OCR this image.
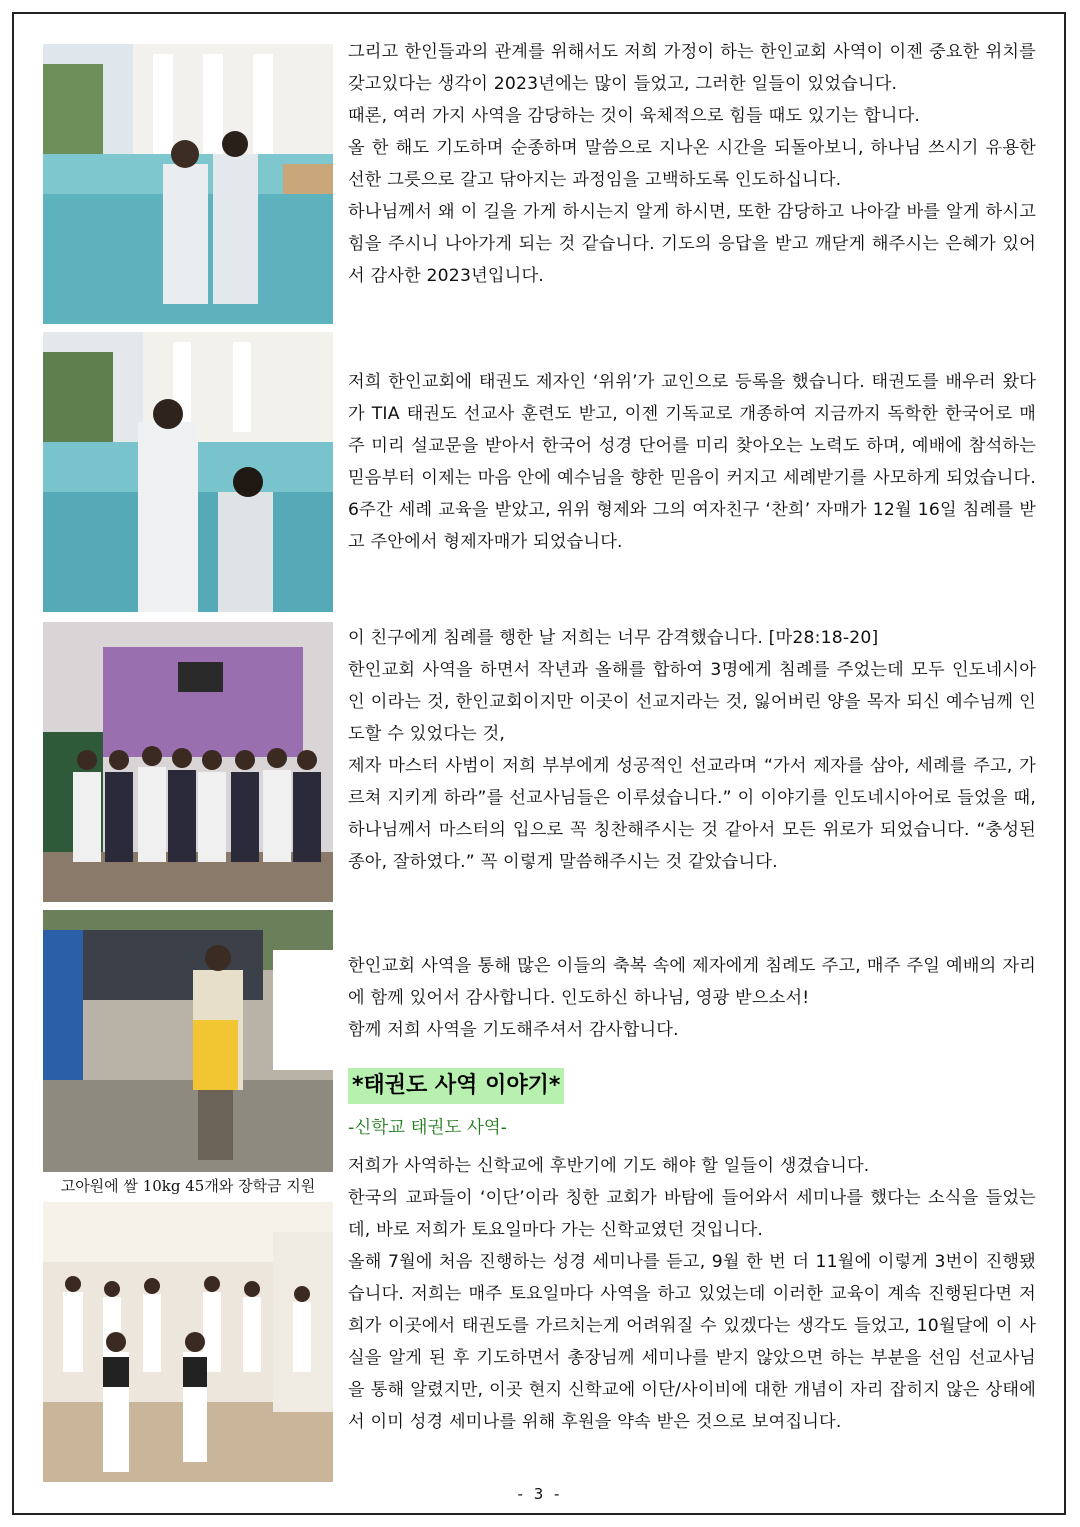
고아원에 쌀 10kg 45개와 장학금 지원

그리고 한인들과의 관계를 위해서도 저희 가정이 하는 한인교회 사역이 이젠 중요한 위치를 갖고있다는 생각이 2023년에는 많이 들었고, 그러한 일들이 있었습니다.

때론, 여러 가지 사역을 감당하는 것이 육체적으로 힘들 때도 있기는 합니다.

올 한 해도 기도하며 순종하며 말씀으로 지나온 시간을 되돌아보니, 하나님 쓰시기 유용한 선한 그릇으로 갈고 닦아지는 과정임을 고백하도록 인도하십니다.

하나님께서 왜 이 길을 가게 하시는지 알게 하시면, 또한 감당하고 나아갈 바를 알게 하시고 힘을 주시니 나아가게 되는 것 같습니다. 기도의 응답을 받고 깨닫게 해주시는 은혜가 있어서 감사한 2023년입니다.

저희 한인교회에 태권도 제자인 ‘위위’가 교인으로 등록을 했습니다. 태권도를 배우러 왔다가 TIA 태권도 선교사 훈련도 받고, 이젠 기독교로 개종하여 지금까지 독학한 한국어로 매주 미리 설교문을 받아서 한국어 성경 단어를 미리 찾아오는 노력도 하며, 예배에 참석하는 믿음부터 이제는 마음 안에 예수님을 향한 믿음이 커지고 세례받기를 사모하게 되었습니다. 6주간 세례 교육을 받았고, 위위 형제와 그의 여자친구 ‘찬희’ 자매가 12월 16일 침례를 받고 주안에서 형제자매가 되었습니다.

이 친구에게 침례를 행한 날 저희는 너무 감격했습니다. [마28:18-20]

한인교회 사역을 하면서 작년과 올해를 합하여 3명에게 침례를 주었는데 모두 인도네시아인 이라는 것, 한인교회이지만 이곳이 선교지라는 것, 잃어버린 양을 목자 되신 예수님께 인도할 수 있었다는 것,

제자 마스터 사범이 저희 부부에게 성공적인 선교라며 “가서 제자를 삼아, 세례를 주고, 가르쳐 지키게 하라”를 선교사님들은 이루셨습니다.” 이 이야기를 인도네시아어로 들었을 때, 하나님께서 마스터의 입으로 꼭 칭찬해주시는 것 같아서 모든 위로가 되었습니다. “충성된 종아, 잘하였다.” 꼭 이렇게 말씀해주시는 것 같았습니다.

한인교회 사역을 통해 많은 이들의 축복 속에 제자에게 침례도 주고, 매주 주일 예배의 자리에 함께 있어서 감사합니다. 인도하신 하나님, 영광 받으소서!

함께 저희 사역을 기도해주셔서 감사합니다.

*태권도 사역 이야기*
-신학교 태권도 사역-

저희가 사역하는 신학교에 후반기에 기도 해야 할 일들이 생겼습니다.

한국의 교파들이 ‘이단’이라 칭한 교회가 바탐에 들어와서 세미나를 했다는 소식을 들었는데, 바로 저희가 토요일마다 가는 신학교였던 것입니다.

올해 7월에 처음 진행하는 성경 세미나를 듣고, 9월 한 번 더 11월에 이렇게 3번이 진행됐습니다. 저희는 매주 토요일마다 사역을 하고 있었는데 이러한 교육이 계속 진행된다면 저희가 이곳에서 태권도를 가르치는게 어려워질 수 있겠다는 생각도 들었고, 10월달에 이 사실을 알게 된 후 기도하면서 총장님께 세미나를 받지 않았으면 하는 부분을 선임 선교사님을 통해 알렸지만, 이곳 현지 신학교에 이단/사이비에 대한 개념이 자리 잡히지 않은 상태에서 이미 성경 세미나를 위해 후원을 약속 받은 것으로 보여집니다.

- 3 -
